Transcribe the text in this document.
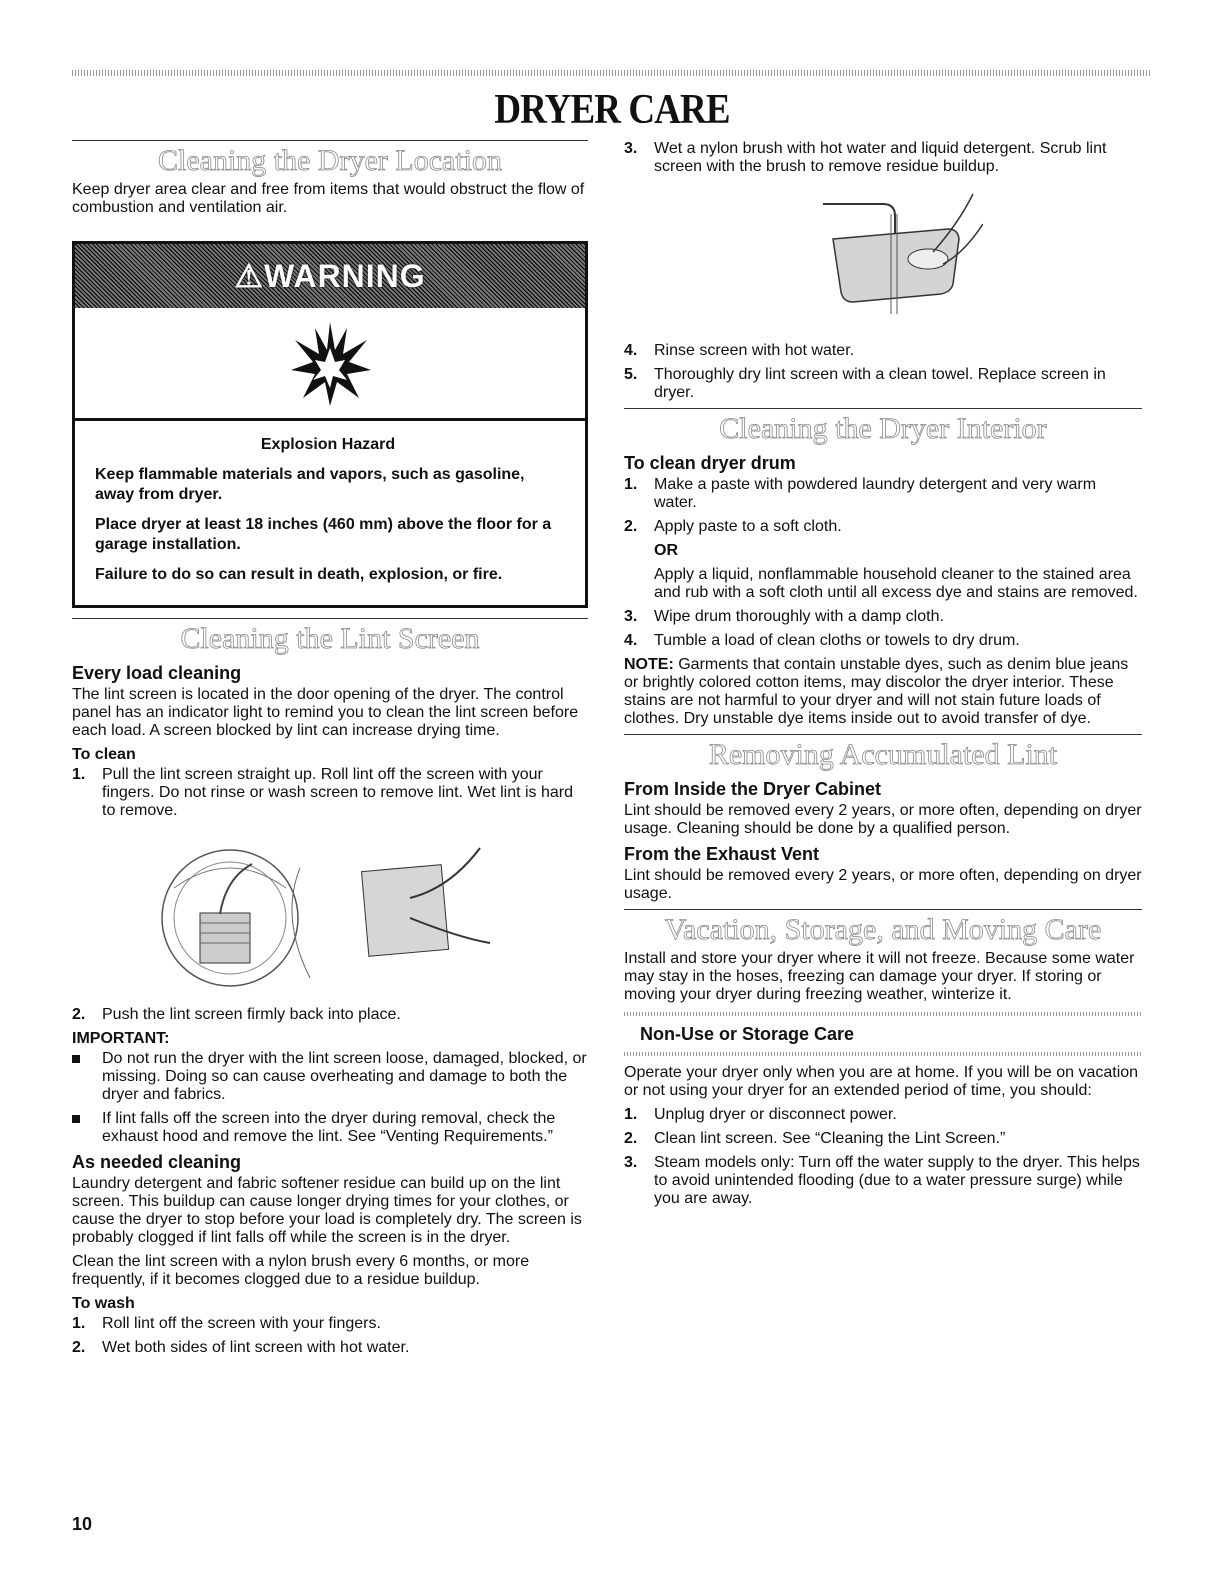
DRYER CARE
Cleaning the Dryer Location

Keep dryer area clear and free from items that would obstruct the flow of combustion and ventilation air.

⚠WARNING

Explosion Hazard

Keep flammable materials and vapors, such as gasoline, away from dryer.

Place dryer at least 18 inches (460 mm) above the floor for a garage installation.

Failure to do so can result in death, explosion, or fire.

Cleaning the Lint Screen
Every load cleaning

The lint screen is located in the door opening of the dryer. The control panel has an indicator light to remind you to clean the lint screen before each load. A screen blocked by lint can increase drying time.

To clean
1. Pull the lint screen straight up. Roll lint off the screen with your fingers. Do not rinse or wash screen to remove lint. Wet lint is hard to remove.
2. Push the lint screen firmly back into place.
IMPORTANT:
Do not run the dryer with the lint screen loose, damaged, blocked, or missing. Doing so can cause overheating and damage to both the dryer and fabrics.
If lint falls off the screen into the dryer during removal, check the exhaust hood and remove the lint. See “Venting Requirements.”
As needed cleaning

Laundry detergent and fabric softener residue can build up on the lint screen. This buildup can cause longer drying times for your clothes, or cause the dryer to stop before your load is completely dry. The screen is probably clogged if lint falls off while the screen is in the dryer.

Clean the lint screen with a nylon brush every 6 months, or more frequently, if it becomes clogged due to a residue buildup.

To wash
1. Roll lint off the screen with your fingers.
2. Wet both sides of lint screen with hot water.
3. Wet a nylon brush with hot water and liquid detergent. Scrub lint screen with the brush to remove residue buildup.
4. Rinse screen with hot water.
5. Thoroughly dry lint screen with a clean towel. Replace screen in dryer.
Cleaning the Dryer Interior
To clean dryer drum
1. Make a paste with powdered laundry detergent and very warm water.
2. Apply paste to a soft cloth.

OR

Apply a liquid, nonflammable household cleaner to the stained area and rub with a soft cloth until all excess dye and stains are removed.

3. Wipe drum thoroughly with a damp cloth.
4. Tumble a load of clean cloths or towels to dry drum.

NOTE: Garments that contain unstable dyes, such as denim blue jeans or brightly colored cotton items, may discolor the dryer interior. These stains are not harmful to your dryer and will not stain future loads of clothes. Dry unstable dye items inside out to avoid transfer of dye.

Removing Accumulated Lint
From Inside the Dryer Cabinet

Lint should be removed every 2 years, or more often, depending on dryer usage. Cleaning should be done by a qualified person.

From the Exhaust Vent

Lint should be removed every 2 years, or more often, depending on dryer usage.

Vacation, Storage, and Moving Care

Install and store your dryer where it will not freeze. Because some water may stay in the hoses, freezing can damage your dryer. If storing or moving your dryer during freezing weather, winterize it.

Non-Use or Storage Care

Operate your dryer only when you are at home. If you will be on vacation or not using your dryer for an extended period of time, you should:

1. Unplug dryer or disconnect power.
2. Clean lint screen. See “Cleaning the Lint Screen.”
3. Steam models only: Turn off the water supply to the dryer. This helps to avoid unintended flooding (due to a water pressure surge) while you are away.
10
